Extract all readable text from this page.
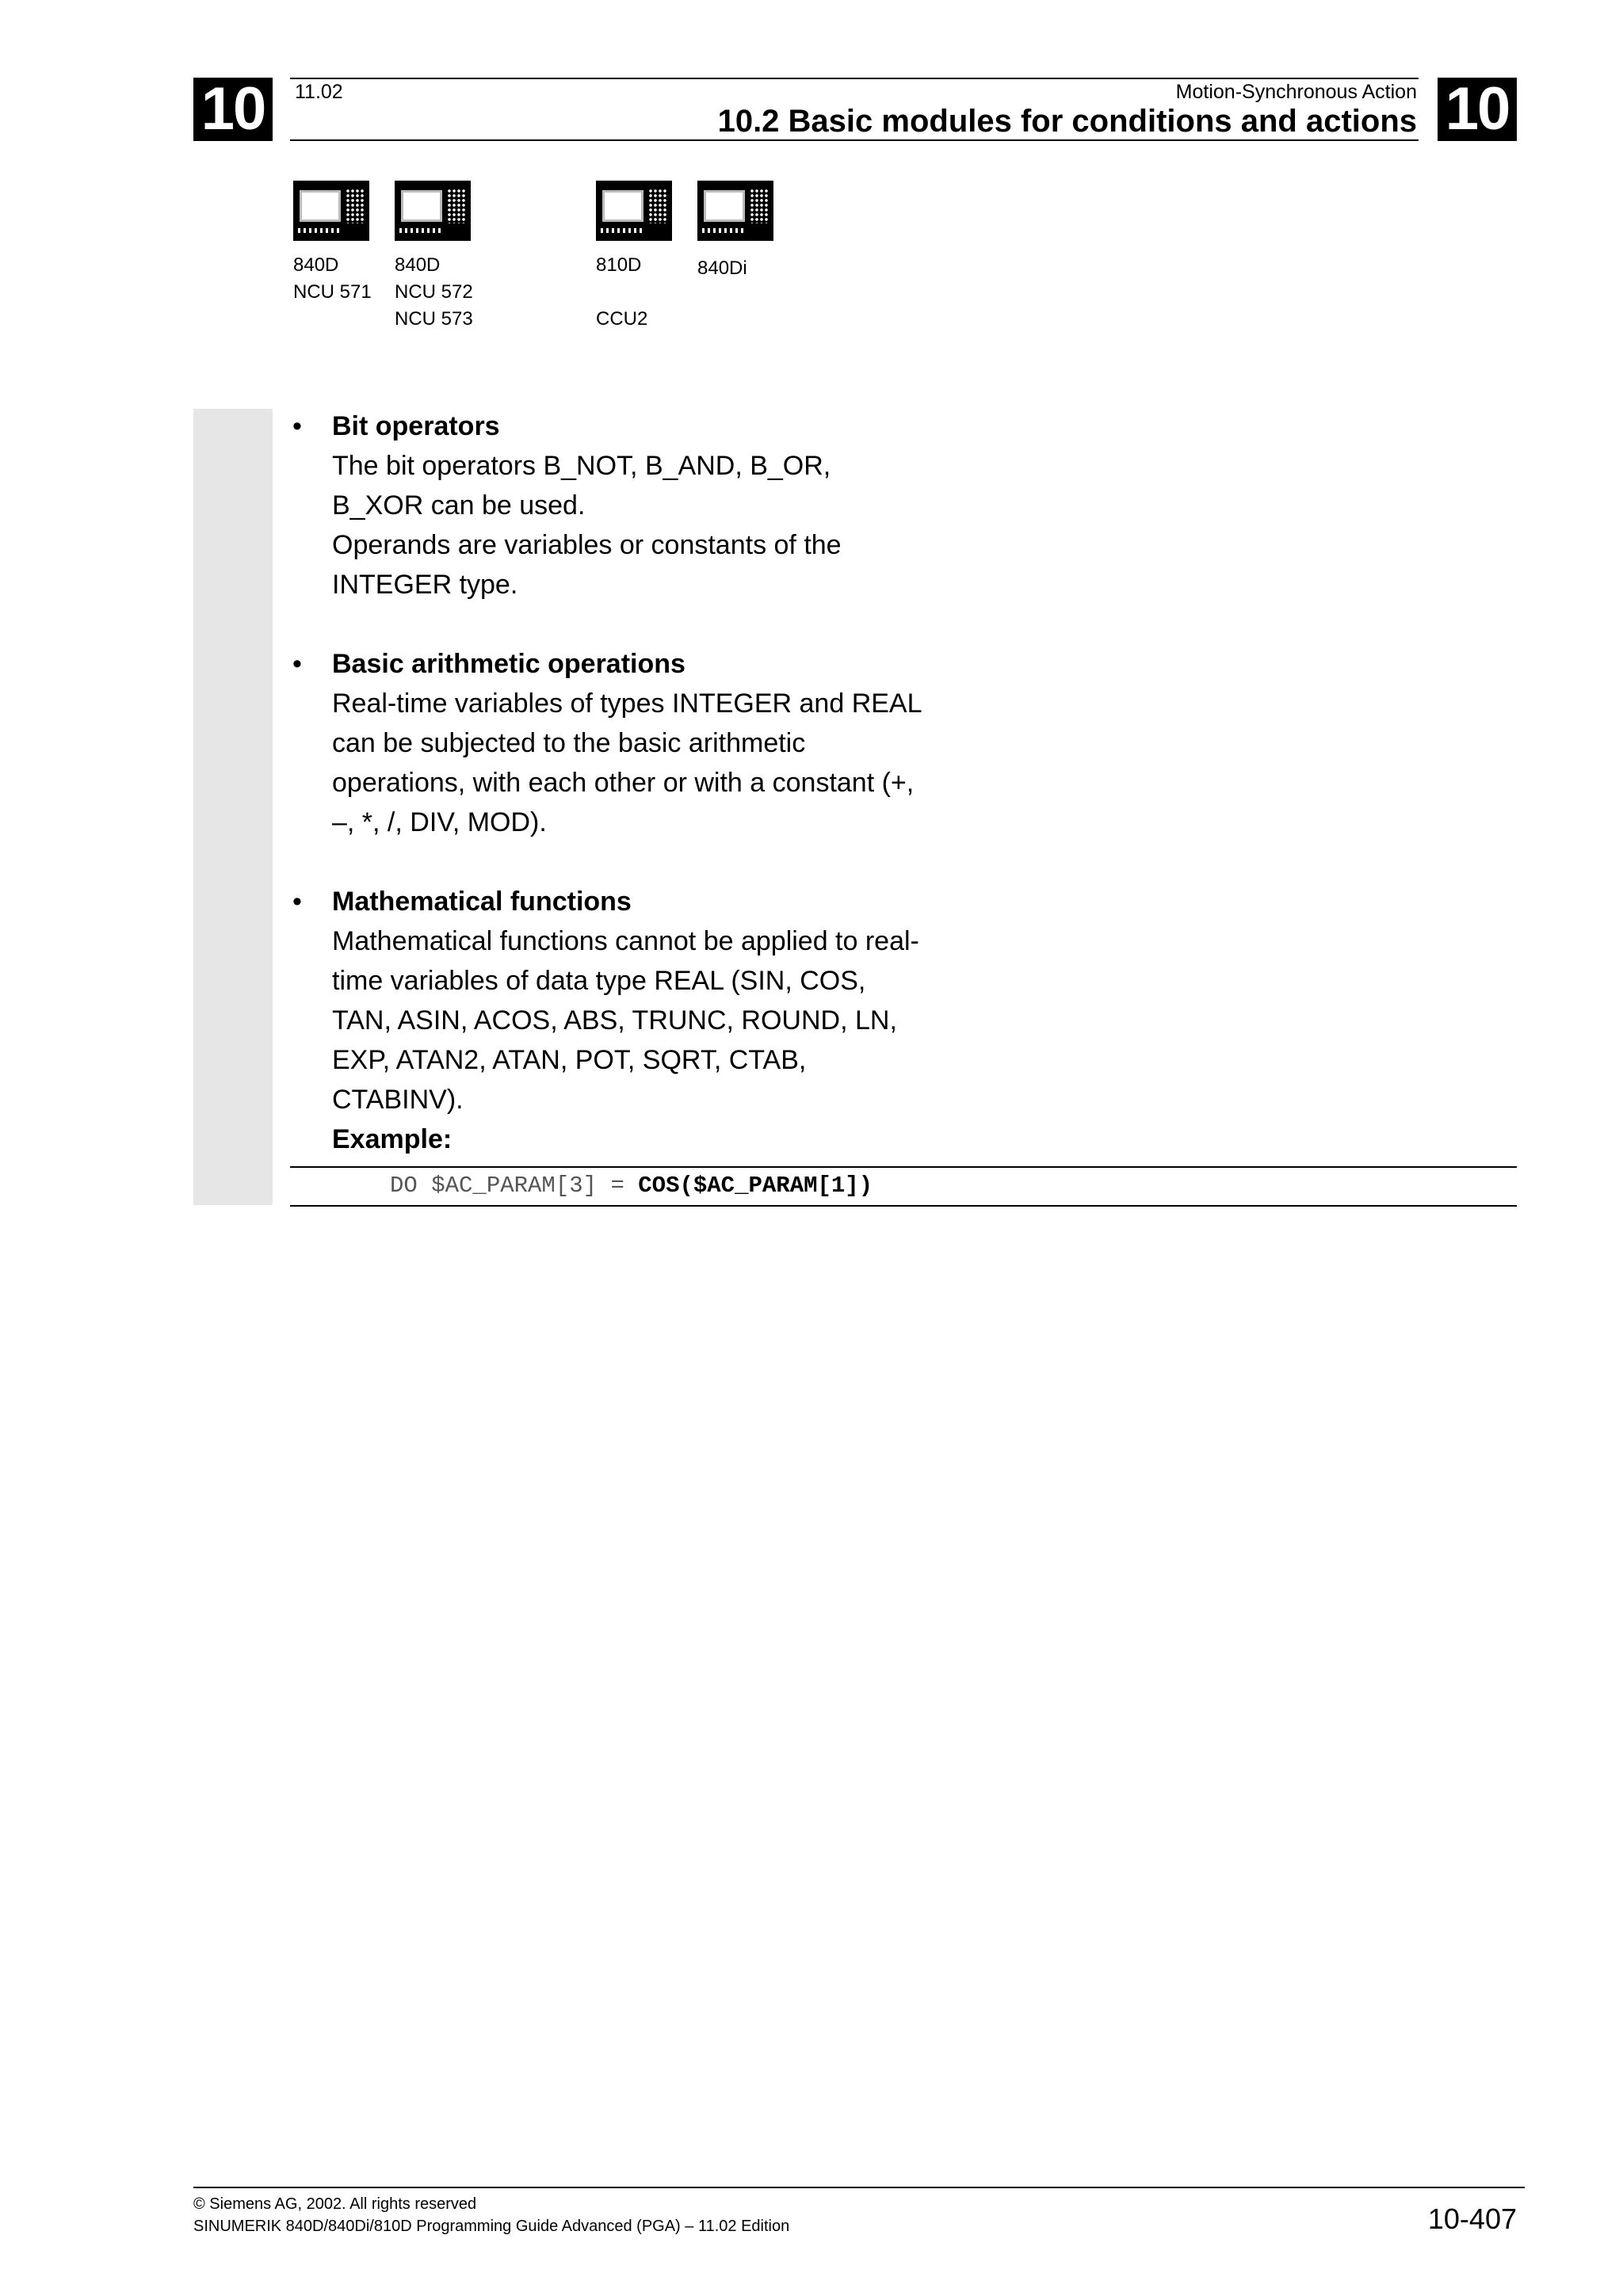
10	10
11.02	Motion-Synchronous Action
10.2 Basic modules for conditions and actions
840D
NCU 571
840D
NCU 572
NCU 573
810D
CCU2
840Di
• Bit operators
The bit operators B_NOT, B_AND, B_OR,
B_XOR can be used.
Operands are variables or constants of the
INTEGER type.
• Basic arithmetic operations
Real-time variables of types INTEGER and REAL
can be subjected to the basic arithmetic
operations, with each other or with a constant (+,
–, *, /, DIV, MOD).
• Mathematical functions
Mathematical functions cannot be applied to real-
time variables of data type REAL (SIN, COS,
TAN, ASIN, ACOS, ABS, TRUNC, ROUND, LN,
EXP, ATAN2, ATAN, POT, SQRT, CTAB,
CTABINV).
Example:
DO $AC_PARAM[3] = COS($AC_PARAM[1])
© Siemens AG, 2002. All rights reserved
SINUMERIK 840D/840Di/810D Programming Guide Advanced (PGA) – 11.02 Edition	10-407
